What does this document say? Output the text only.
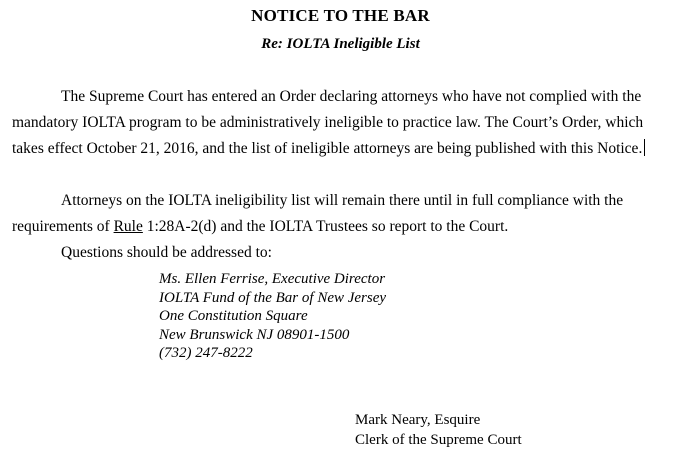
NOTICE TO THE BAR
Re: IOLTA Ineligible List
The Supreme Court has entered an Order declaring attorneys who have not complied with the mandatory IOLTA program to be administratively ineligible to practice law. The Court’s Order, which takes effect October 21, 2016, and the list of ineligible attorneys are being published with this Notice.
Attorneys on the IOLTA ineligibility list will remain there until in full compliance with the requirements of Rule 1:28A-2(d) and the IOLTA Trustees so report to the Court.
Questions should be addressed to:
Ms. Ellen Ferrise, Executive Director
IOLTA Fund of the Bar of New Jersey
One Constitution Square
New Brunswick NJ 08901-1500
(732) 247-8222
Mark Neary, Esquire
Clerk of the Supreme Court
